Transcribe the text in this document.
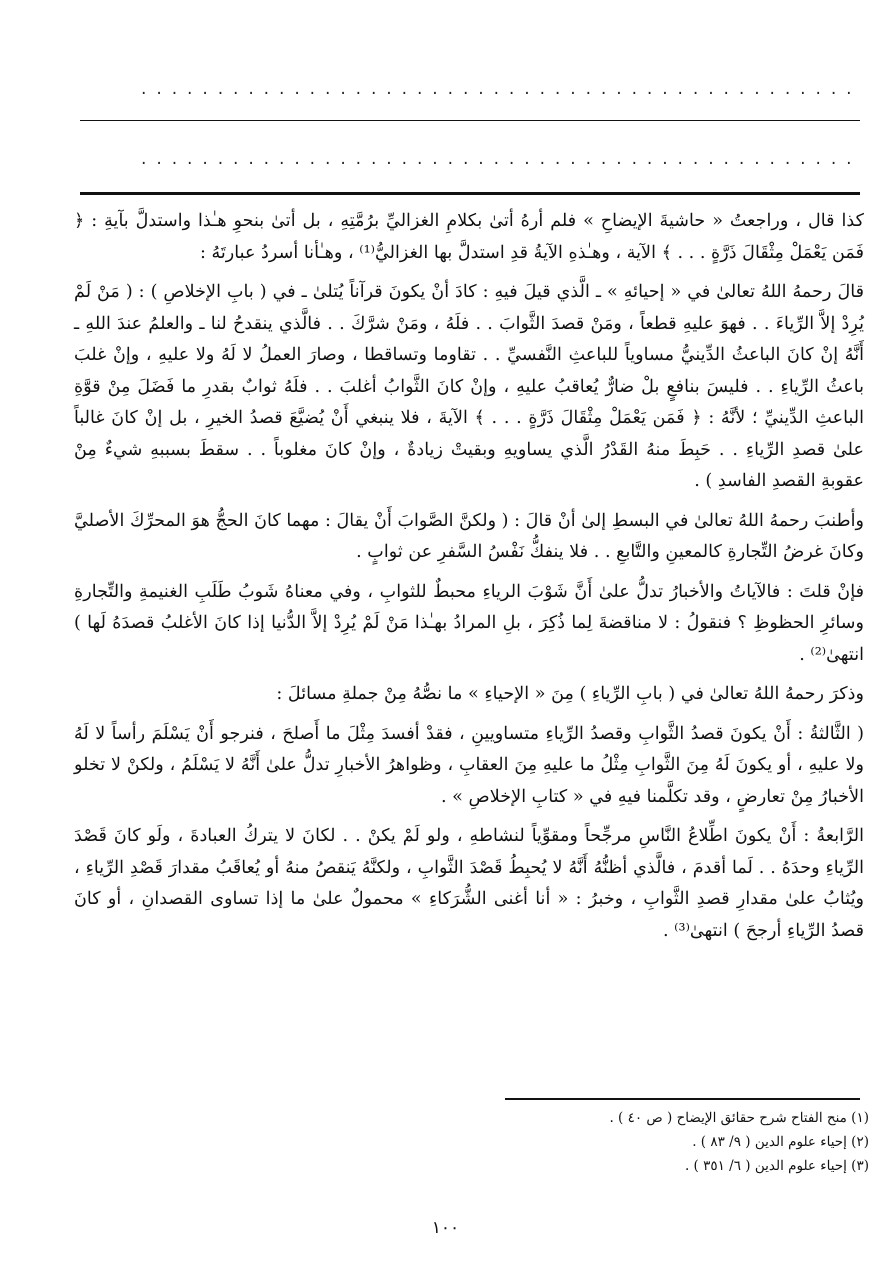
...............................................
...............................................

كذا قال ، وراجعتُ « حاشيةَ الإيضاحِ » فلم أرهُ أتىٰ بكلامِ الغزاليِّ برُمَّتِهِ ، بل أتىٰ بنحوِ هـٰذا واستدلَّ بآيةِ : ﴿ فَمَن يَعْمَلْ مِثْقَالَ ذَرَّةٍ . . . ﴾ الآية ، وهـٰذهِ الآيةُ قدِ استدلَّ بها الغزاليُّ⁽¹⁾ ، وهـٰأنا أسردُ عبارتَهُ :

قالَ رحمهُ اللهُ تعالىٰ في « إحيائهِ » ـ الَّذي قيلَ فيهِ : كادَ أنْ يكونَ قرآناً يُتلىٰ ـ في ( بابِ الإخلاصِ ) : ( مَنْ لَمْ يُرِدْ إلاَّ الرِّياءَ . . فهوَ عليهِ قطعاً ، ومَنْ قصدَ الثَّوابَ . . فلَهُ ، ومَنْ شرَّكَ . . فالَّذي ينقدحُ لنا ـ والعلمُ عندَ اللهِ ـ أَنَّهُ إنْ كانَ الباعثُ الدِّينيُّ مساوياً للباعثِ النَّفسيِّ . . تقاوما وتساقطا ، وصارَ العملُ لا لَهُ ولا عليهِ ، وإنْ غلبَ باعثُ الرِّياءِ . . فليسَ بنافعٍ بلْ ضارٌّ يُعاقبُ عليهِ ، وإنْ كانَ الثَّوابُ أغلبَ . . فلَهُ ثوابٌ بقدرِ ما فَضَلَ مِنْ قوَّةِ الباعثِ الدِّينيِّ ؛ لأنَّهُ : ﴿ فَمَن يَعْمَلْ مِثْقَالَ ذَرَّةٍ . . . ﴾ الآيةَ ، فلا ينبغي أَنْ يُضيَّعَ قصدُ الخيرِ ، بل إنْ كانَ غالباً علىٰ قصدِ الرِّياءِ . . حَبِطَ منهُ القَدْرُ الَّذي يساويهِ وبقيتْ زيادةٌ ، وإنْ كانَ مغلوباً . . سقطَ بسببهِ شيءٌ مِنْ عقوبةِ القصدِ الفاسدِ ) .

وأطنبَ رحمهُ اللهُ تعالىٰ في البسطِ إلىٰ أنْ قالَ : ( ولكنَّ الصَّوابَ أَنْ يقالَ : مهما كانَ الحجُّ هوَ المحرِّكَ الأصليَّ وكانَ غرضُ التِّجارةِ كالمعينِ والتَّابعِ . . فلا ينفكُّ نَفْسُ السَّفرِ عن ثوابٍ .

فإنْ قلتَ : فالآياتُ والأخبارُ تدلُّ علىٰ أَنَّ شَوْبَ الرياءِ محبطٌ للثوابِ ، وفي معناهُ شَوبُ طَلَبِ الغنيمةِ والتِّجارةِ وسائرِ الحظوظِ ؟ فنقولُ : لا مناقضةَ لِما ذُكِرَ ، بلِ المرادُ بهـٰذا مَنْ لَمْ يُرِدْ إلاَّ الدُّنيا إذا كانَ الأغلبُ قصدَهُ لَها ) انتهىٰ⁽²⁾ .

وذكرَ رحمهُ اللهُ تعالىٰ في ( بابِ الرِّياءِ ) مِنَ « الإحياءِ » ما نصُّهُ مِنْ جملةِ مسائلَ :

( الثَّالثةُ : أَنْ يكونَ قصدُ الثَّوابِ وقصدُ الرِّياءِ متساويينِ ، فقدْ أفسدَ مِثْلَ ما أَصلحَ ، فنرجو أَنْ يَسْلَمَ رأساً لا لَهُ ولا عليهِ ، أو يكونَ لَهُ مِنَ الثَّوابِ مِثْلُ ما عليهِ مِنَ العقابِ ، وظواهرُ الأخبارِ تدلُّ علىٰ أَنَّهُ لا يَسْلَمُ ، ولكنْ لا تخلو الأخبارُ مِنْ تعارضٍ ، وقد تكلَّمنا فيهِ في « كتابِ الإخلاصِ » .

الرَّابعةُ : أَنْ يكونَ اطِّلاعُ النَّاسِ مرجِّحاً ومقوِّياً لنشاطهِ ، ولو لَمْ يكنْ . . لكانَ لا يتركُ العبادةَ ، ولَو كانَ قَصْدَ الرِّياءِ وحدَهُ . . لَما أقدمَ ، فالَّذي أظنُّهُ أَنَّهُ لا يُحبِطُ قَصْدَ الثَّوابِ ، ولكنَّهُ يَنقصُ منهُ أو يُعاقَبُ مقدارَ قَصْدِ الرِّياءِ ، ويُثابُ علىٰ مقدارِ قصدِ الثَّوابِ ، وخبرُ : « أنا أغنى الشُّرَكاءِ » محمولٌ علىٰ ما إذا تساوى القصدانِ ، أو كانَ قصدُ الرِّياءِ أرجحَ ) انتهىٰ⁽³⁾ .

(١) منح الفتاح شرح حقائق الإيضاح ( ص ٤٠ ) .
(٢) إحياء علوم الدين ( ٩/ ٨٣ ) .
(٣) إحياء علوم الدين ( ٦/ ٣٥١ ) .
١٠٠
